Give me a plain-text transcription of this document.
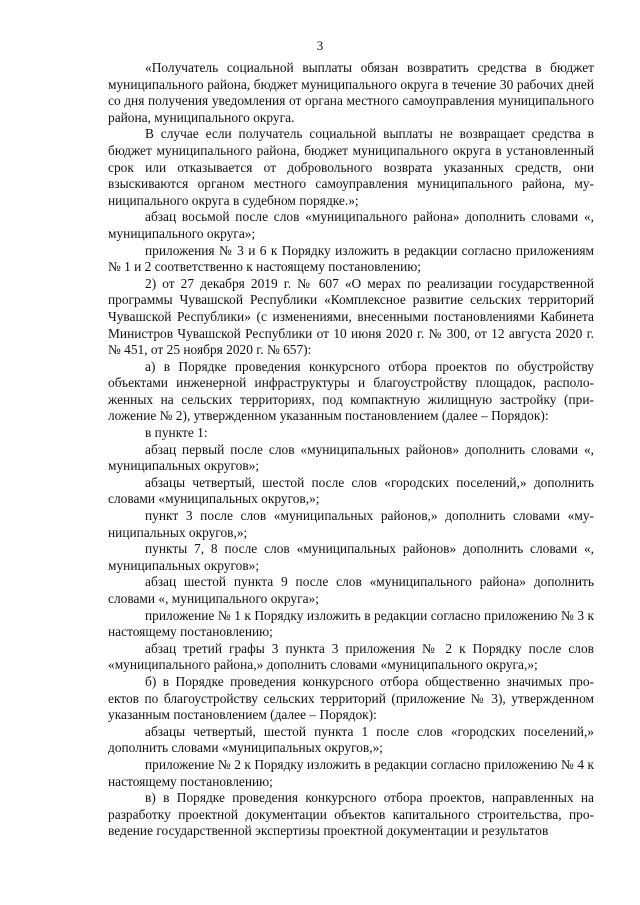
3

«Получатель социальной выплаты обязан возвратить средства в бюджет муниципального района, бюджет муниципального округа в течение 30 рабочих дней со дня получения уведомления от органа местного самоуправления муниципального района, муниципального округа.

В случае если получатель социальной выплаты не возвращает средства в бюджет муниципального района, бюджет муниципального округа в установленный срок или отказывается от добровольного возврата указанных средств, они взыскиваются органом местного самоуправления муниципального района, муниципального округа в судебном порядке.»;

абзац восьмой после слов «муниципального района» дополнить словами «, муниципального округа»;

приложения № 3 и 6 к Порядку изложить в редакции согласно приложениям № 1 и 2 соответственно к настоящему постановлению;

2) от 27 декабря 2019 г. № 607 «О мерах по реализации государственной программы Чувашской Республики «Комплексное развитие сельских территорий Чувашской Республики» (с изменениями, внесенными постановлениями Кабинета Министров Чувашской Республики от 10 июня 2020 г. № 300, от 12 августа 2020 г. № 451, от 25 ноября 2020 г. № 657):

а) в Порядке проведения конкурсного отбора проектов по обустройству объектами инженерной инфраструктуры и благоустройству площадок, расположенных на сельских территориях, под компактную жилищную застройку (приложение № 2), утвержденном указанным постановлением (далее – Порядок):

в пункте 1:

абзац первый после слов «муниципальных районов» дополнить словами «, муниципальных округов»;

абзацы четвертый, шестой после слов «городских поселений,» дополнить словами «муниципальных округов,»;

пункт 3 после слов «муниципальных районов,» дополнить словами «муниципальных округов,»;

пункты 7, 8 после слов «муниципальных районов» дополнить словами «, муниципальных округов»;

абзац шестой пункта 9 после слов «муниципального района» дополнить словами «, муниципального округа»;

приложение № 1 к Порядку изложить в редакции согласно приложению № 3 к настоящему постановлению;

абзац третий графы 3 пункта 3 приложения № 2 к Порядку после слов «муниципального района,» дополнить словами «муниципального округа,»;

б) в Порядке проведения конкурсного отбора общественно значимых проектов по благоустройству сельских территорий (приложение № 3), утвержденном указанным постановлением (далее – Порядок):

абзацы четвертый, шестой пункта 1 после слов «городских поселений,» дополнить словами «муниципальных округов,»;

приложение № 2 к Порядку изложить в редакции согласно приложению № 4 к настоящему постановлению;

в) в Порядке проведения конкурсного отбора проектов, направленных на разработку проектной документации объектов капитального строительства, проведение государственной экспертизы проектной документации и результатов
